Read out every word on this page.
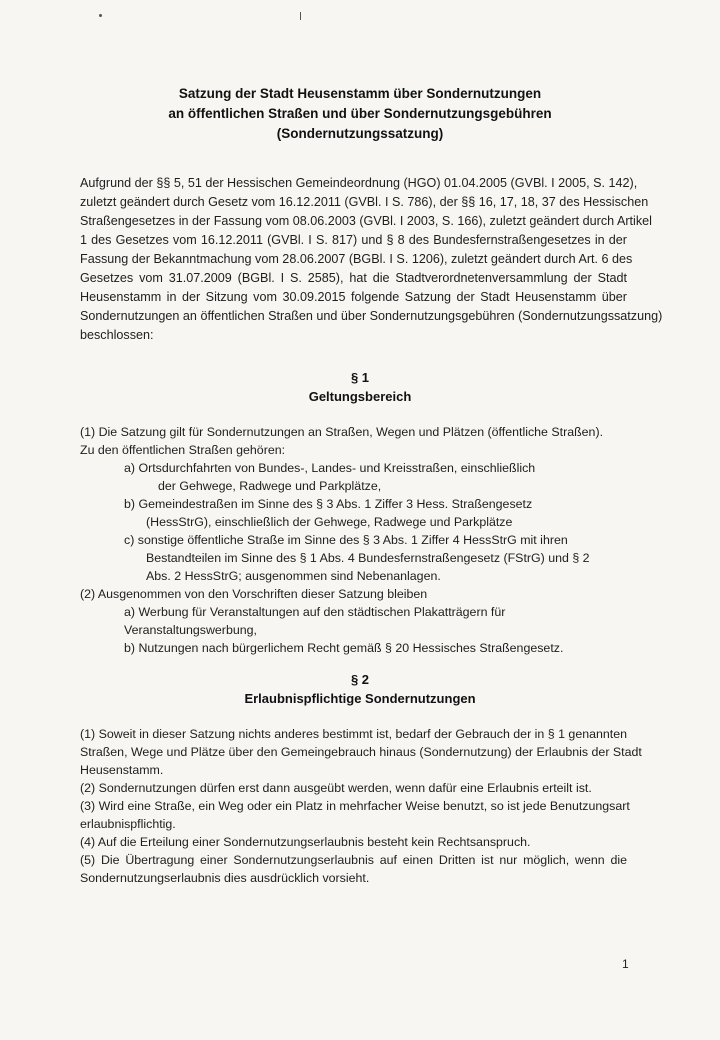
Satzung der Stadt Heusenstamm über Sondernutzungen
an öffentlichen Straßen und über Sondernutzungsgebühren
(Sondernutzungssatzung)
Aufgrund der §§ 5, 51 der Hessischen Gemeindeordnung (HGO) 01.04.2005 (GVBl. I 2005, S. 142),
zuletzt geändert durch Gesetz vom 16.12.2011 (GVBl. I S. 786), der §§ 16, 17, 18, 37 des Hessischen
Straßengesetzes in der Fassung vom 08.06.2003 (GVBl. I 2003, S. 166), zuletzt geändert durch Artikel
1 des Gesetzes vom 16.12.2011 (GVBl. I S. 817) und § 8 des Bundesfernstraßengesetzes in der
Fassung der Bekanntmachung vom 28.06.2007 (BGBl. I S. 1206), zuletzt geändert durch Art. 6 des
Gesetzes vom 31.07.2009 (BGBl. I S. 2585), hat die Stadtverordnetenversammlung der Stadt
Heusenstamm in der Sitzung vom 30.09.2015 folgende Satzung der Stadt Heusenstamm über
Sondernutzungen an öffentlichen Straßen und über Sondernutzungsgebühren (Sondernutzungssatzung)
beschlossen:
§ 1
Geltungsbereich
(1) Die Satzung gilt für Sondernutzungen an Straßen, Wegen und Plätzen (öffentliche Straßen).
Zu den öffentlichen Straßen gehören:
a) Ortsdurchfahrten von Bundes-, Landes- und Kreisstraßen, einschließlich
der Gehwege, Radwege und Parkplätze,
b) Gemeindestraßen im Sinne des § 3 Abs. 1 Ziffer 3 Hess. Straßengesetz
(HessStrG), einschließlich der Gehwege, Radwege und Parkplätze
c) sonstige öffentliche Straße im Sinne des § 3 Abs. 1 Ziffer 4 HessStrG mit ihren
Bestandteilen im Sinne des § 1 Abs. 4 Bundesfernstraßengesetz (FStrG) und § 2
Abs. 2 HessStrG; ausgenommen sind Nebenanlagen.
(2) Ausgenommen von den Vorschriften dieser Satzung bleiben
a) Werbung für Veranstaltungen auf den städtischen Plakatträgern für
Veranstaltungswerbung,
b) Nutzungen nach bürgerlichem Recht gemäß § 20 Hessisches Straßengesetz.
§ 2
Erlaubnispflichtige Sondernutzungen
(1) Soweit in dieser Satzung nichts anderes bestimmt ist, bedarf der Gebrauch der in § 1 genannten
Straßen, Wege und Plätze über den Gemeingebrauch hinaus (Sondernutzung) der Erlaubnis der Stadt
Heusenstamm.
(2) Sondernutzungen dürfen erst dann ausgeübt werden, wenn dafür eine Erlaubnis erteilt ist.
(3) Wird eine Straße, ein Weg oder ein Platz in mehrfacher Weise benutzt, so ist jede Benutzungsart
erlaubnispflichtig.
(4) Auf die Erteilung einer Sondernutzungserlaubnis besteht kein Rechtsanspruch.
(5) Die Übertragung einer Sondernutzungserlaubnis auf einen Dritten ist nur möglich, wenn die
Sondernutzungserlaubnis dies ausdrücklich vorsieht.
1
